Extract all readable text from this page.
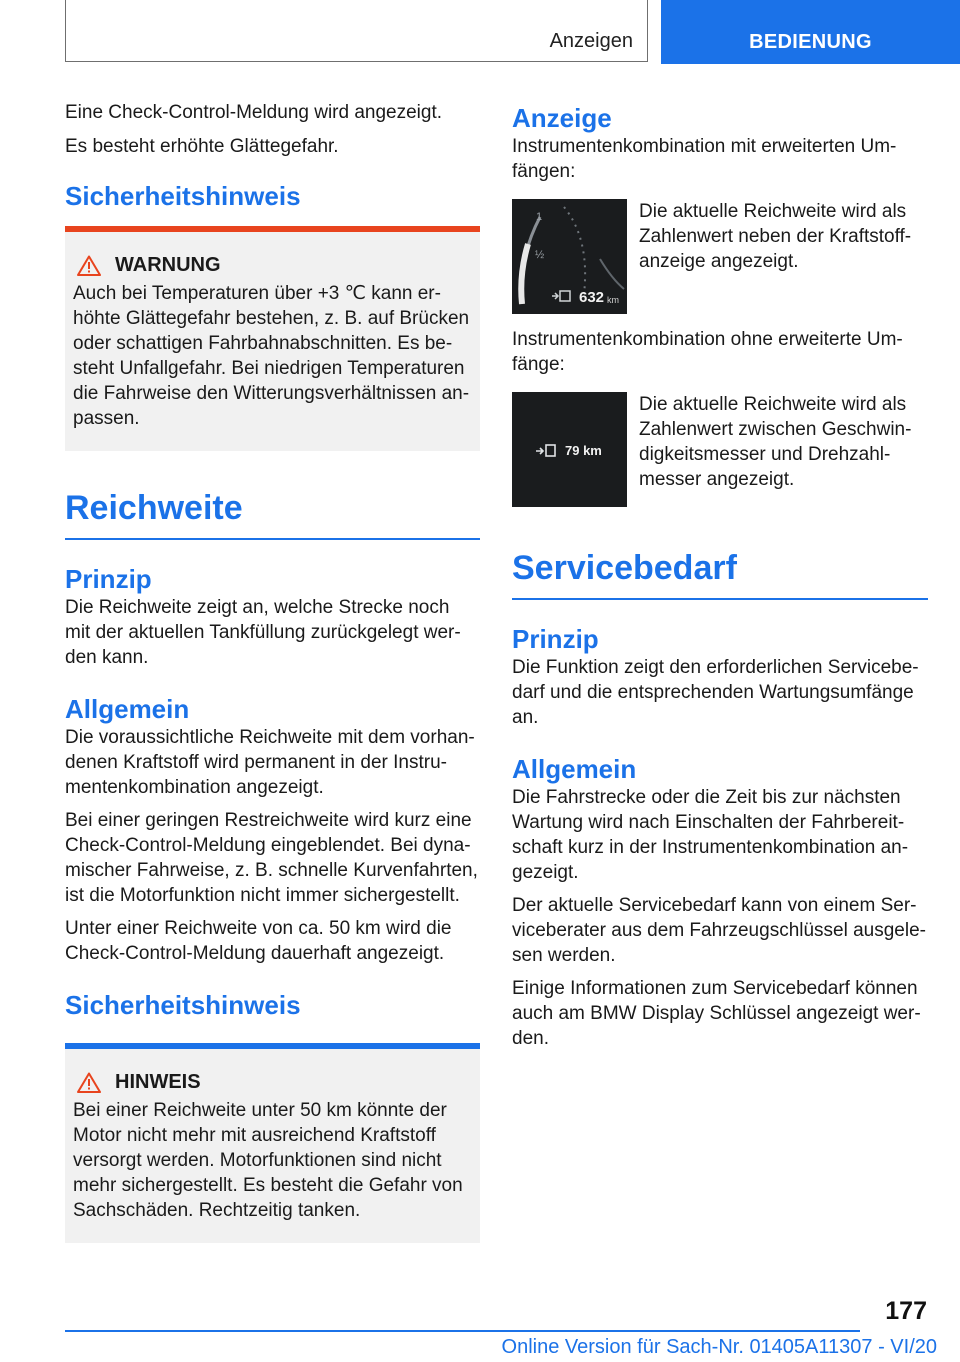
Anzeigen	BEDIENUNG

Eine Check-Control-Meldung wird angezeigt.

Es besteht erhöhte Glättegefahr.

Sicherheitshinweis
WARNUNG

Auch bei Temperaturen über +3 ℃ kann er-höhte Glättegefahr bestehen, z. B. auf Brücken oder schattigen Fahrbahnabschnitten. Es be-steht Unfallgefahr. Bei niedrigen Temperaturen die Fahrweise den Witterungsverhältnissen an-passen.

Reichweite
Prinzip

Die Reichweite zeigt an, welche Strecke noch mit der aktuellen Tankfüllung zurückgelegt wer-den kann.

Allgemein

Die voraussichtliche Reichweite mit dem vorhan-denen Kraftstoff wird permanent in der Instru-mentenkombination angezeigt.

Bei einer geringen Restreichweite wird kurz eine Check-Control-Meldung eingeblendet. Bei dyna-mischer Fahrweise, z. B. schnelle Kurvenfahrten, ist die Motorfunktion nicht immer sichergestellt.

Unter einer Reichweite von ca. 50 km wird die Check-Control-Meldung dauerhaft angezeigt.

Sicherheitshinweis
HINWEIS

Bei einer Reichweite unter 50 km könnte der Motor nicht mehr mit ausreichend Kraftstoff versorgt werden. Motorfunktionen sind nicht mehr sichergestellt. Es besteht die Gefahr von Sachschäden. Rechtzeitig tanken.

Anzeige

Instrumentenkombination mit erweiterten Um-fängen:

1
½
632 km

Die aktuelle Reichweite wird als Zahlenwert neben der Kraftstoff-anzeige angezeigt.

Instrumentenkombination ohne erweiterte Um-fänge:

79 km

Die aktuelle Reichweite wird als Zahlenwert zwischen Geschwin-digkeitsmesser und Drehzahl-messer angezeigt.

Servicebedarf
Prinzip

Die Funktion zeigt den erforderlichen Servicebe-darf und die entsprechenden Wartungsumfänge an.

Allgemein

Die Fahrstrecke oder die Zeit bis zur nächsten Wartung wird nach Einschalten der Fahrbereit-schaft kurz in der Instrumentenkombination an-gezeigt.

Der aktuelle Servicebedarf kann von einem Ser-viceberater aus dem Fahrzeugschlüssel ausgele-sen werden.

Einige Informationen zum Servicebedarf können auch am BMW Display Schlüssel angezeigt wer-den.

177
Online Version für Sach-Nr. 01405A11307 - VI/20
